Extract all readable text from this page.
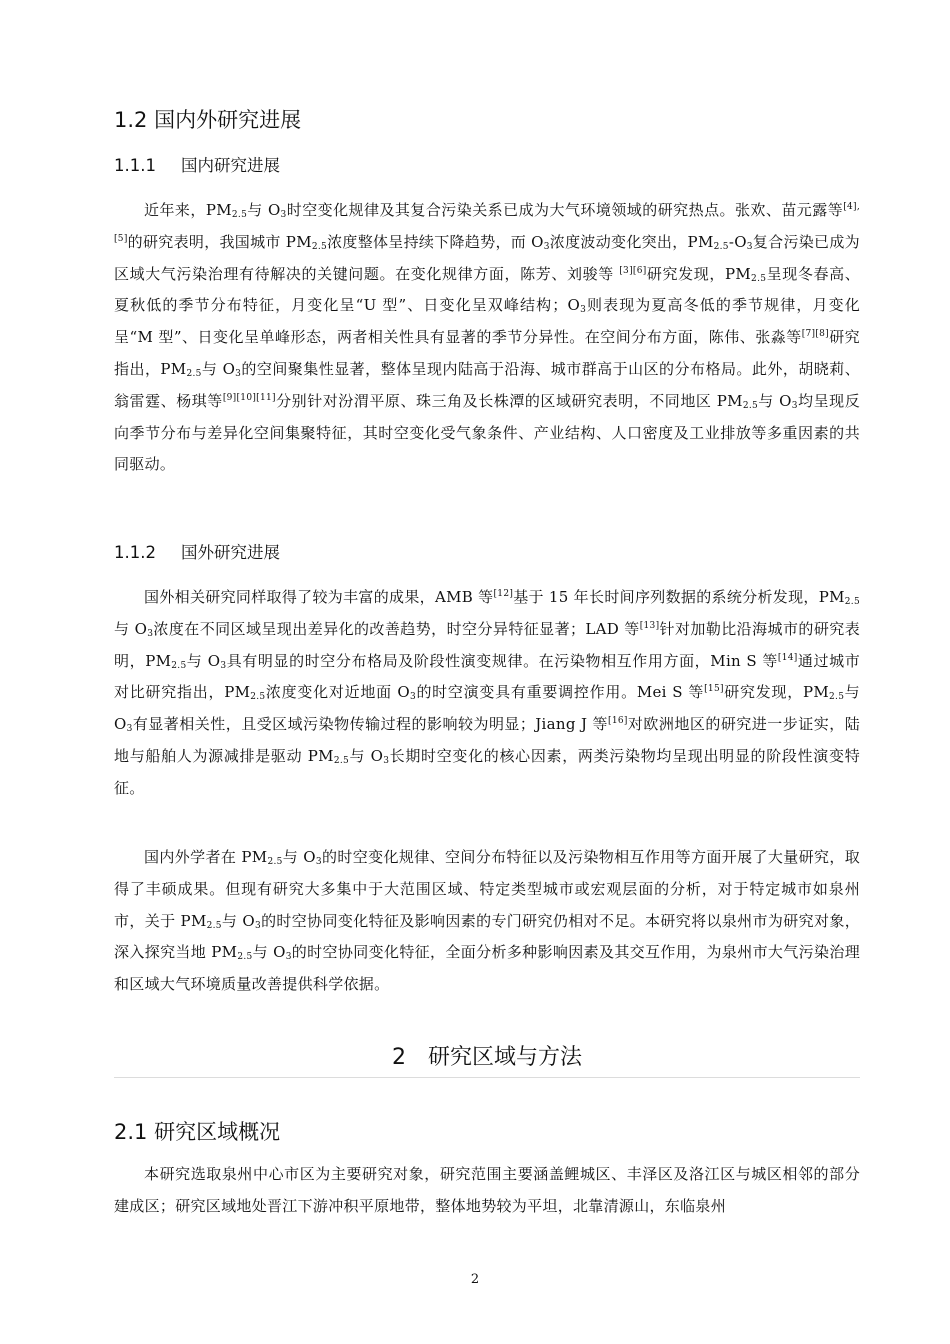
1.2 国内外研究进展
1.1.1 国内研究进展

近年来，$PM_{2.5}$与 $O_3$时空变化规律及其复合污染关系已成为大气环境领域的研究热点。张欢、苗元露等[4],[5]的研究表明，我国城市 $PM_{2.5}$浓度整体呈持续下降趋势，而 $O_3$浓度波动变化突出，$PM_{2.5}-O_3$复合污染已成为区域大气污染治理有待解决的关键问题。在变化规律方面，陈芳、刘骏等 [3][6]研究发现，$PM_{2.5}$呈现冬春高、夏秋低的季节分布特征，月变化呈“U 型”、日变化呈双峰结构；$O_3$则表现为夏高冬低的季节规律，月变化呈“M 型”、日变化呈单峰形态，两者相关性具有显著的季节分异性。在空间分布方面，陈伟、张淼等[7][8]研究指出，$PM_{2.5}$与 $O_3$的空间聚集性显著，整体呈现内陆高于沿海、城市群高于山区的分布格局。此外，胡晓莉、翁雷霆、杨琪等[9][10][11]分别针对汾渭平原、珠三角及长株潭的区域研究表明，不同地区 $PM_{2.5}$与 $O_3$均呈现反向季节分布与差异化空间集聚特征，其时空变化受气象条件、产业结构、人口密度及工业排放等多重因素的共同驱动。

1.1.2 国外研究进展

国外相关研究同样取得了较为丰富的成果，AMB 等[12]基于 15 年长时间序列数据的系统分析发现，$PM_{2.5}$与 $O_3$浓度在不同区域呈现出差异化的改善趋势，时空分异特征显著；LAD 等[13]针对加勒比沿海城市的研究表明，$PM_{2.5}$与 $O_3$具有明显的时空分布格局及阶段性演变规律。在污染物相互作用方面，Min S 等[14]通过城市对比研究指出，$PM_{2.5}$浓度变化对近地面 $O_3$的时空演变具有重要调控作用。Mei S 等[15]研究发现，$PM_{2.5}$与 $O_3$有显著相关性，且受区域污染物传输过程的影响较为明显；Jiang J 等[16]对欧洲地区的研究进一步证实，陆地与船舶人为源减排是驱动 $PM_{2.5}$与 $O_3$长期时空变化的核心因素，两类污染物均呈现出明显的阶段性演变特征。

国内外学者在 $PM_{2.5}$与 $O_3$的时空变化规律、空间分布特征以及污染物相互作用等方面开展了大量研究，取得了丰硕成果。但现有研究大多集中于大范围区域、特定类型城市或宏观层面的分析，对于特定城市如泉州市，关于 $PM_{2.5}$与 $O_3$的时空协同变化特征及影响因素的专门研究仍相对不足。本研究将以泉州市为研究对象，深入探究当地 $PM_{2.5}$与 $O_3$的时空协同变化特征，全面分析多种影响因素及其交互作用，为泉州市大气污染治理和区域大气环境质量改善提供科学依据。

2 研究区域与方法
2.1 研究区域概况

本研究选取泉州中心市区为主要研究对象，研究范围主要涵盖鲤城区、丰泽区及洛江区与城区相邻的部分建成区；研究区域地处晋江下游冲积平原地带，整体地势较为平坦，北靠清源山，东临泉州

2
